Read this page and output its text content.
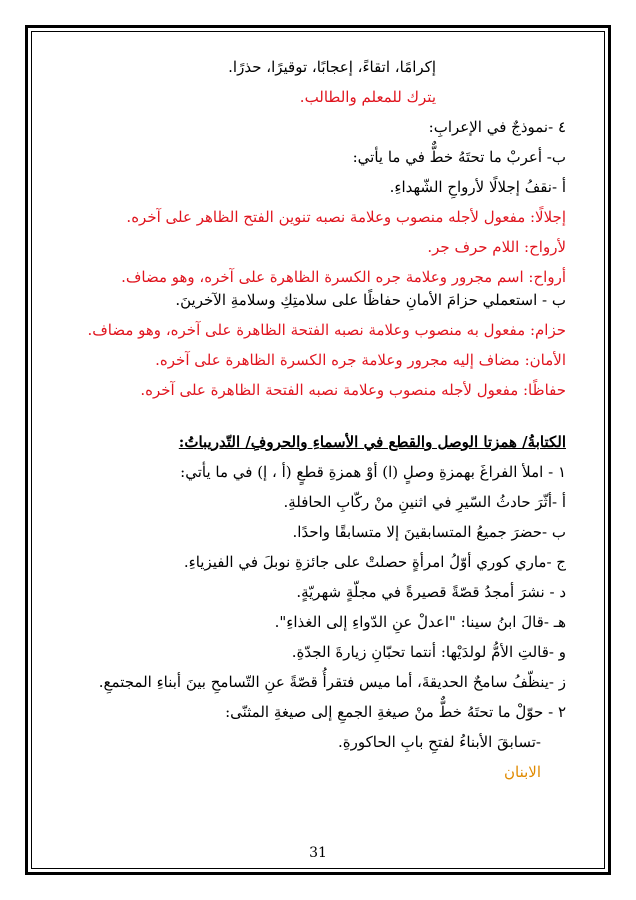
إكرامًا، اتقاءً، إعجابًا، توقيرًا، حذرًا.
يترك للمعلم والطالب.
٤ -نموذجٌ في الإعرابِ:
ب- أعربْ ما تحتَهُ خطٌّ في ما يأتي:
أ -نقفُ إجلالًا لأرواحِ الشّهداءِ.
إجلالًا: مفعول لأجله منصوب وعلامة نصبه تنوين الفتح الظاهر على آخره.
لأرواح: اللام حرف جر.
أرواح: اسم مجرور وعلامة جره الكسرة الظاهرة على آخره، وهو مضاف.
ب - استعملي حزامَ الأمانِ حفاظًا على سلامتِكِ وسلامةِ الآخرينَ.
حزام: مفعول به منصوب وعلامة نصبه الفتحة الظاهرة على آخره، وهو مضاف.
الأمان: مضاف إليه مجرور وعلامة جره الكسرة الظاهرة على آخره.
حفاظًا: مفعول لأجله منصوب وعلامة نصبه الفتحة الظاهرة على آخره.
الكتابةُ/ همزتا الوصل والقطع في الأسماءِ والحروفِ/ التّدريباتُ:
١ - املأ الفراغَ بهمزةِ وصلٍ (ا) أوْ همزةِ قطعٍ (أ ، إ) في ما يأتي:
أ -أثّرَ حادثُ السّيرِ في اثنينِ منْ ركّابِ الحافلةِ.
ب -حضرَ جميعُ المتسابقينَ إلا متسابقًا واحدًا.
ج -ماري كوري أوّلُ امرأةٍ حصلتْ على جائزةِ نوبلَ في الفيزياءِ.
د - نشرَ أمجدُ قصّةً قصيرةً في مجلّةٍ شهريّةٍ.
هـ -قالَ ابنُ سينا: "اعدلْ عنِ الدّواءِ إلى الغذاءِ".
و -قالتِ الأمُّ لولدَيْها: أنتما تحبّانِ زيارةَ الجدّةِ.
ز -ينظّفُ سامحٌ الحديقةَ، أما ميس فتقرأُ قصّةً عنِ التّسامحِ بينَ أبناءِ المجتمعِ.
٢ - حوّلْ ما تحتَهُ خطٌّ منْ صيغةِ الجمعِ إلى صيغةِ المثنّى:
-تسابقَ الأبناءُ لفتحِ بابِ الحاكورةِ.
الابنان
31
